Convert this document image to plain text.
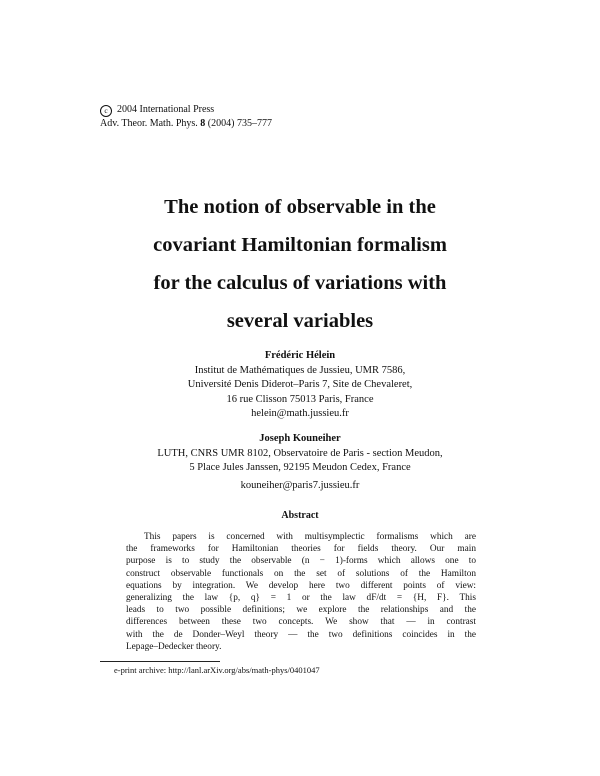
c 2004 International Press
Adv. Theor. Math. Phys. 8 (2004) 735–777
The notion of observable in the
covariant Hamiltonian formalism
for the calculus of variations with
several variables
Frédéric Hélein
Institut de Mathématiques de Jussieu, UMR 7586,
Université Denis Diderot–Paris 7, Site de Chevaleret,
16 rue Clisson 75013 Paris, France
helein@math.jussieu.fr
Joseph Kouneiher
LUTH, CNRS UMR 8102, Observatoire de Paris - section Meudon,
5 Place Jules Janssen, 92195 Meudon Cedex, France
kouneiher@paris7.jussieu.fr
Abstract
This papers is concerned with multisymplectic formalisms which are
the frameworks for Hamiltonian theories for fields theory. Our main
purpose is to study the observable (n − 1)-forms which allows one to
construct observable functionals on the set of solutions of the Hamilton
equations by integration. We develop here two different points of view:
generalizing the law {p, q} = 1 or the law dF/dt = {H, F}. This
leads to two possible definitions; we explore the relationships and the
differences between these two concepts. We show that — in contrast
with the de Donder–Weyl theory — the two definitions coincides in the
Lepage–Dedecker theory.
e-print archive: http://lanl.arXiv.org/abs/math-phys/0401047
